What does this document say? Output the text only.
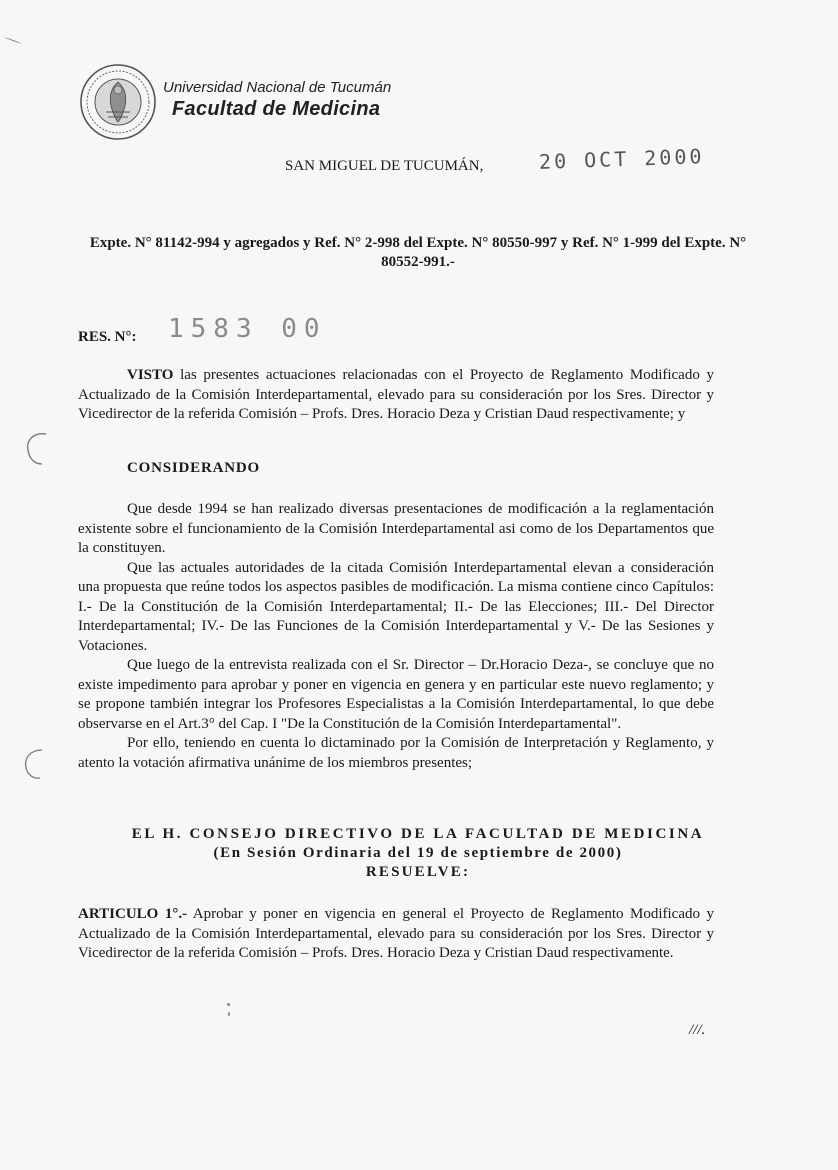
Universidad Nacional de Tucumán
Facultad de Medicina
SAN MIGUEL DE TUCUMÁN,	20 OCT 2000
Expte. N° 81142-994 y agregados y Ref. N° 2-998 del Expte. N° 80550-997 y Ref. N° 1-999 del Expte. N° 80552-991.-
RES. N°: 1583 00

VISTO las presentes actuaciones relacionadas con el Proyecto de Reglamento Modificado y Actualizado de la Comisión Interdepartamental, elevado para su consideración por los Sres. Director y Vicedirector de la referida Comisión – Profs. Dres. Horacio Deza y Cristian Daud respectivamente; y

CONSIDERANDO

Que desde 1994 se han realizado diversas presentaciones de modificación a la reglamentación existente sobre el funcionamiento de la Comisión Interdepartamental asi como de los Departamentos que la constituyen.

Que las actuales autoridades de la citada Comisión Interdepartamental elevan a consideración una propuesta que reúne todos los aspectos pasibles de modificación. La misma contiene cinco Capítulos: I.- De la Constitución de la Comisión Interdepartamental; II.- De las Elecciones; III.- Del Director Interdepartamental; IV.- De las Funciones de la Comisión Interdepartamental y V.- De las Sesiones y Votaciones.

Que luego de la entrevista realizada con el Sr. Director – Dr.Horacio Deza-, se concluye que no existe impedimento para aprobar y poner en vigencia en genera y en particular este nuevo reglamento; y se propone también integrar los Profesores Especialistas a la Comisión Interdepartamental, lo que debe observarse en el Art.3° del Cap. I "De la Constitución de la Comisión Interdepartamental".

Por ello, teniendo en cuenta lo dictaminado por la Comisión de Interpretación y Reglamento, y atento la votación afirmativa unánime de los miembros presentes;

EL H. CONSEJO DIRECTIVO DE LA FACULTAD DE MEDICINA
(En Sesión Ordinaria del 19 de septiembre de 2000)
RESUELVE:

ARTICULO 1°.- Aprobar y poner en vigencia en general el Proyecto de Reglamento Modificado y Actualizado de la Comisión Interdepartamental, elevado para su consideración por los Sres. Director y Vicedirector de la referida Comisión – Profs. Dres. Horacio Deza y Cristian Daud respectivamente.

///.
